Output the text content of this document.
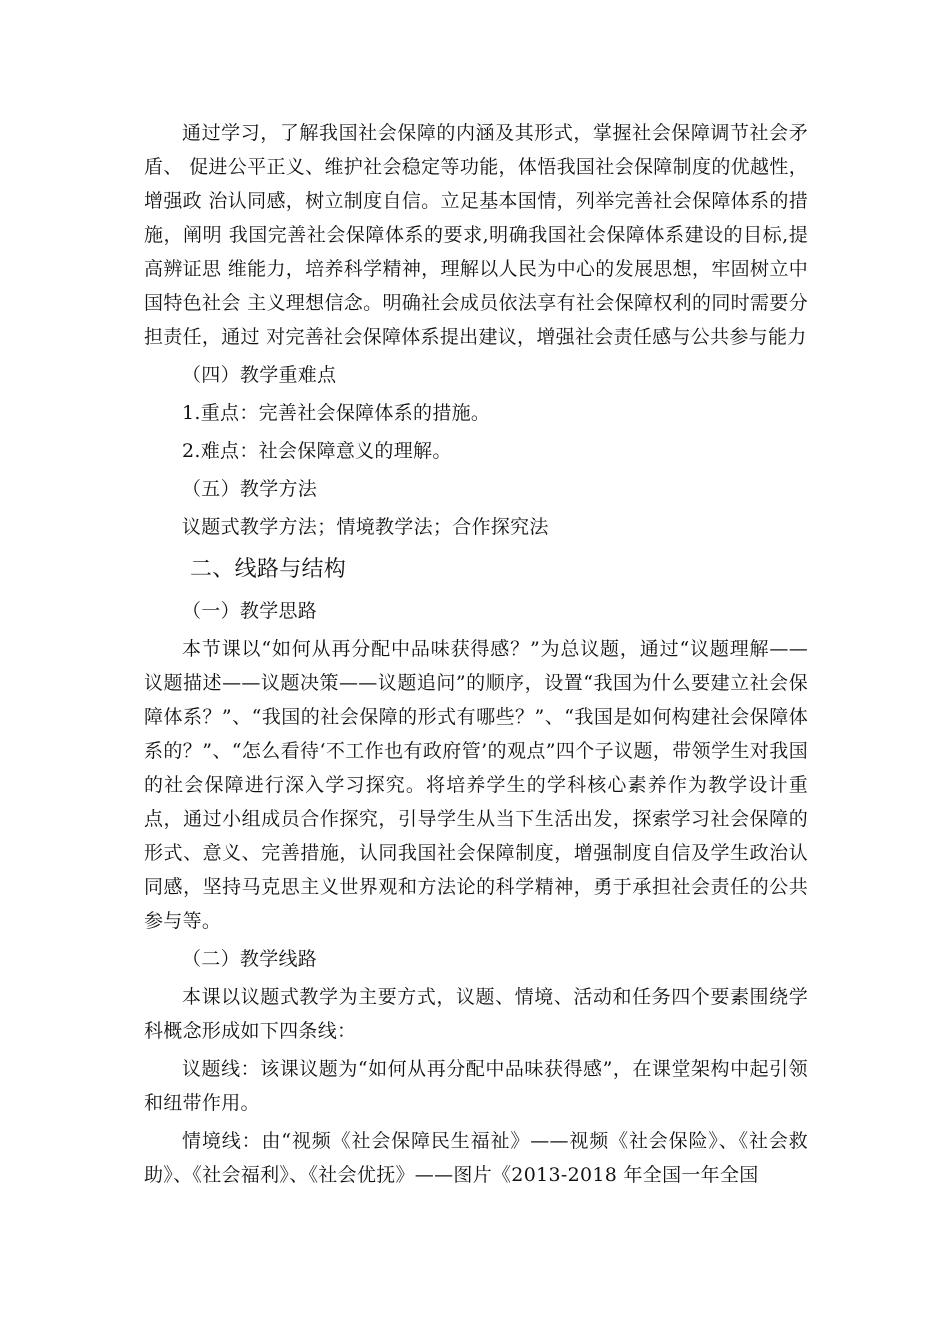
通过学习，了解我国社会保障的内涵及其形式，掌握社会保障调节社会矛盾、 促进公平正义、维护社会稳定等功能，体悟我国社会保障制度的优越性，增强政 治认同感，树立制度自信。立足基本国情，列举完善社会保障体系的措施，阐明 我国完善社会保障体系的要求,明确我国社会保障体系建设的目标,提高辨证思 维能力，培养科学精神，理解以人民为中心的发展思想，牢固树立中国特色社会 主义理想信念。明确社会成员依法享有社会保障权利的同时需要分担责任，通过 对完善社会保障体系提出建议，增强社会责任感与公共参与能力

（四）教学重难点

1.重点：完善社会保障体系的措施。

2.难点：社会保障意义的理解。

（五）教学方法

议题式教学方法；情境教学法；合作探究法

二、线路与结构

（一）教学思路

本节课以“如何从再分配中品味获得感？”为总议题，通过“议题理解——议题描述——议题决策——议题追问”的顺序，设置“我国为什么要建立社会保障体系？”、“我国的社会保障的形式有哪些？”、“我国是如何构建社会保障体系的？”、“怎么看待‘不工作也有政府管’的观点”四个子议题，带领学生对我国的社会保障进行深入学习探究。将培养学生的学科核心素养作为教学设计重点，通过小组成员合作探究，引导学生从当下生活出发，探索学习社会保障的形式、意义、完善措施，认同我国社会保障制度，增强制度自信及学生政治认同感，坚持马克思主义世界观和方法论的科学精神，勇于承担社会责任的公共参与等。

（二）教学线路

本课以议题式教学为主要方式，议题、情境、活动和任务四个要素围绕学科概念形成如下四条线：

议题线：该课议题为“如何从再分配中品味获得感”，在课堂架构中起引领和纽带作用。

情境线：由“视频《社会保障民生福祉》——视频《社会保险》、《社会救助》、《社会福利》、《社会优抚》——图片《2013-2018 年全国一年全国
